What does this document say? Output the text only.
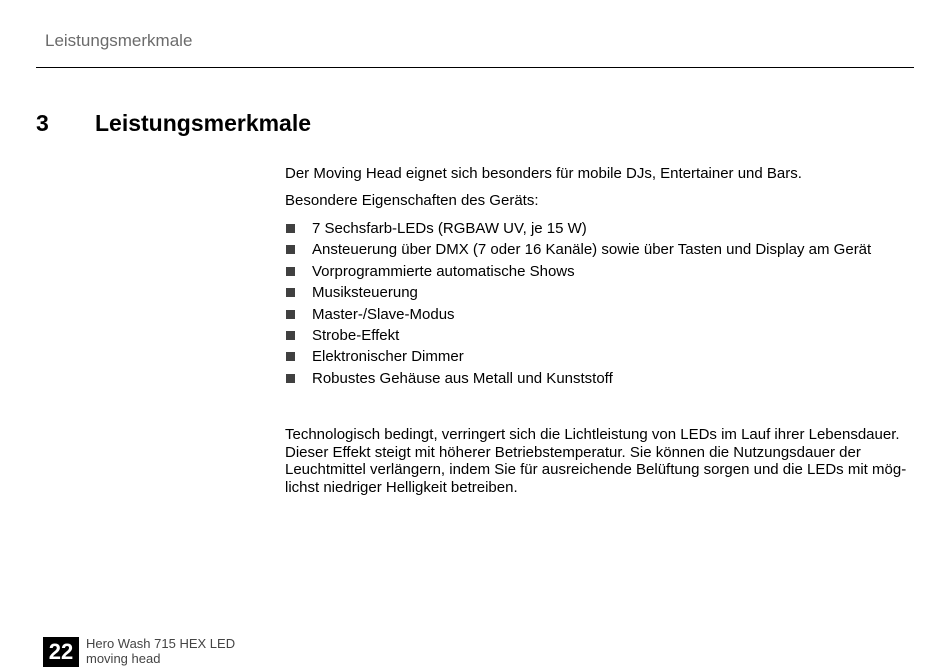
Leistungsmerkmale
3 Leistungsmerkmale

Der Moving Head eignet sich besonders für mobile DJs, Entertainer und Bars.

Besondere Eigenschaften des Geräts:

7 Sechsfarb-LEDs (RGBAW UV, je 15 W)
Ansteuerung über DMX (7 oder 16 Kanäle) sowie über Tasten und Display am Gerät
Vorprogrammierte automatische Shows
Musiksteuerung
Master-/Slave-Modus
Strobe-Effekt
Elektronischer Dimmer
Robustes Gehäuse aus Metall und Kunststoff

Technologisch bedingt, verringert sich die Lichtleistung von LEDs im Lauf ihrer Lebensdauer. Dieser Effekt steigt mit höherer Betriebstemperatur. Sie können die Nutzungsdauer der Leuchtmittel verlängern, indem Sie für ausreichende Belüftung sorgen und die LEDs mit möglichst niedriger Helligkeit betreiben.

22 Hero Wash 715 HEX LED
moving head
